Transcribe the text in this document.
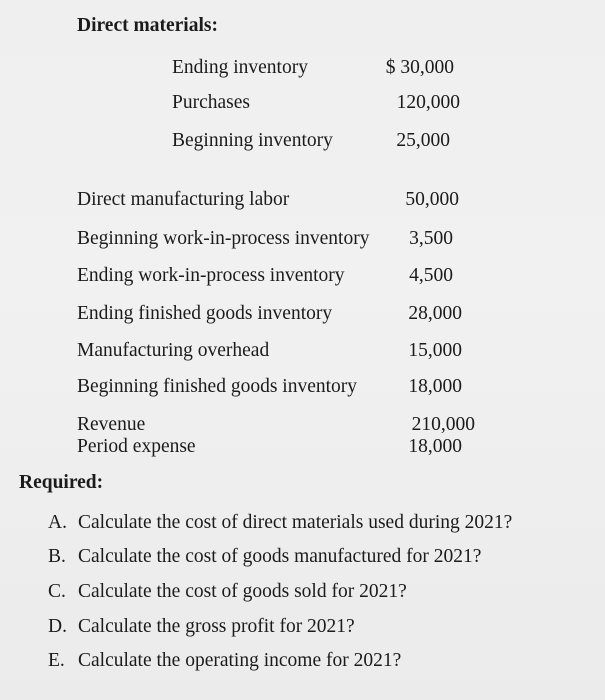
Direct materials:
Ending inventory	$ 30,000
Purchases	120,000
Beginning inventory	25,000
Direct manufacturing labor	50,000
Beginning work-in-process inventory 3,500
Ending work-in-process inventory	4,500
Ending finished goods inventory	28,000
Manufacturing overhead	15,000
Beginning finished goods inventory	18,000
Revenue	210,000
Period expense	18,000
Required:
A. Calculate the cost of direct materials used during 2021?
B. Calculate the cost of goods manufactured for 2021?
C. Calculate the cost of goods sold for 2021?
D. Calculate the gross profit for 2021?
E. Calculate the operating income for 2021?
